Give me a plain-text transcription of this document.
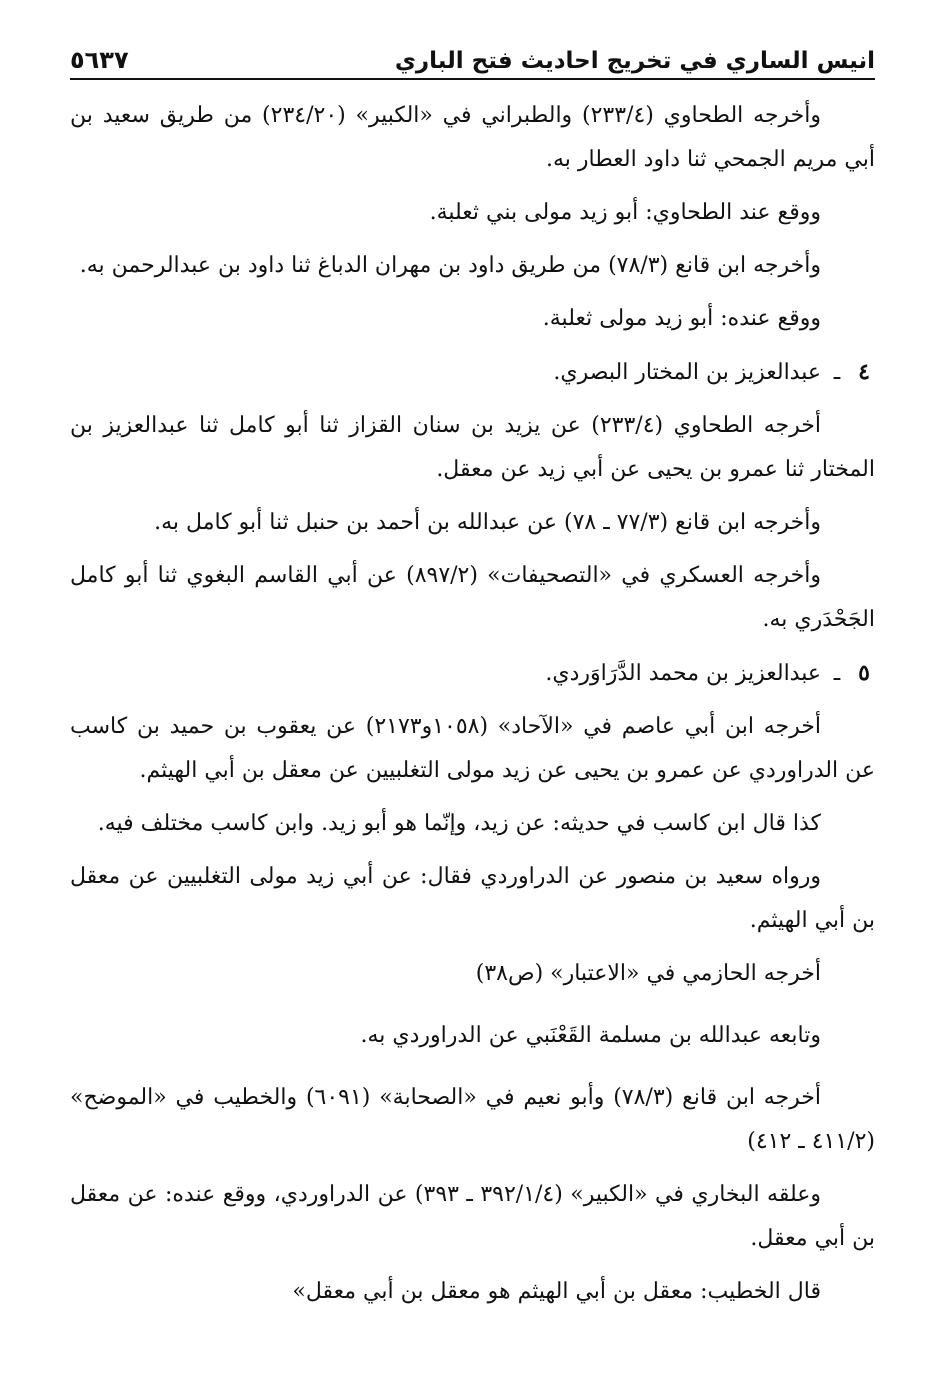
انيس الساري في تخريج احاديث فتح الباري
٥٦٣٧

وأخرجه الطحاوي (٢٣٣/٤) والطبراني في «الكبير» (٢٣٤/٢٠) من طريق سعيد بن أبي مريم الجمحي ثنا داود العطار به.

ووقع عند الطحاوي: أبو زيد مولى بني ثعلبة.

وأخرجه ابن قانع (٧٨/٣) من طريق داود بن مهران الدباغ ثنا داود بن عبدالرحمن به.

ووقع عنده: أبو زيد مولى ثعلبة.

٤
ـ
عبدالعزيز بن المختار البصري.

أخرجه الطحاوي (٢٣٣/٤) عن يزيد بن سنان القزاز ثنا أبو كامل ثنا عبدالعزيز بن المختار ثنا عمرو بن يحيى عن أبي زيد عن معقل.

وأخرجه ابن قانع (٧٧/٣ ـ ٧٨) عن عبدالله بن أحمد بن حنبل ثنا أبو كامل به.

وأخرجه العسكري في «التصحيفات» (٨٩٧/٢) عن أبي القاسم البغوي ثنا أبو كامل الجَحْدَري به.

٥
ـ
عبدالعزيز بن محمد الدَّرَاوَردي.

أخرجه ابن أبي عاصم في «الآحاد» (١٠٥٨و٢١٧٣) عن يعقوب بن حميد بن كاسب عن الدراوردي عن عمرو بن يحيى عن زيد مولى التغلبيين عن معقل بن أبي الهيثم.

كذا قال ابن كاسب في حديثه: عن زيد، وإنّما هو أبو زيد. وابن كاسب مختلف فيه.

ورواه سعيد بن منصور عن الدراوردي فقال: عن أبي زيد مولى التغلبيين عن معقل بن أبي الهيثم.

أخرجه الحازمي في «الاعتبار» (ص٣٨)

وتابعه عبدالله بن مسلمة القَعْنَبي عن الدراوردي به.

أخرجه ابن قانع (٧٨/٣) وأبو نعيم في «الصحابة» (٦٠٩١) والخطيب في «الموضح» (٤١١/٢ ـ ٤١٢)

وعلقه البخاري في «الكبير» (٣٩٢/١/٤ ـ ٣٩٣) عن الدراوردي، ووقع عنده: عن معقل بن أبي معقل.

قال الخطيب: معقل بن أبي الهيثم هو معقل بن أبي معقل»
